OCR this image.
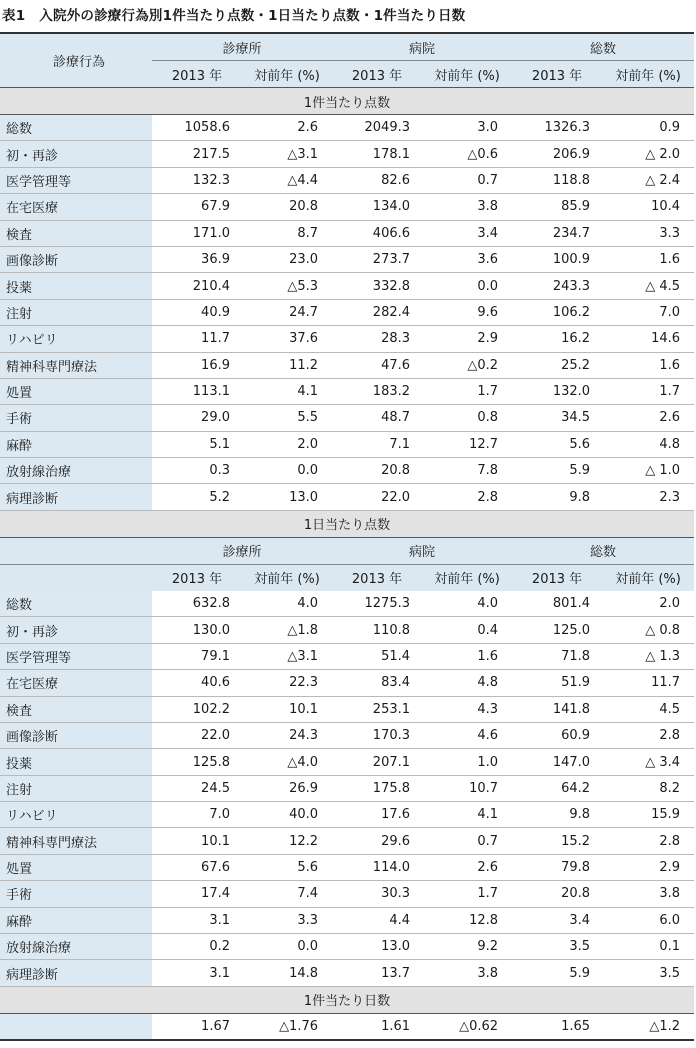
表1 入院外の診療行為別1件当たり点数・1日当たり点数・1件当たり日数
診療行為	診療所		病院		総数	
	2013 年	対前年 (%)	2013 年	対前年 (%)	2013 年	対前年 (%)
1件当たり点数						
総数	1058.6	2.6	2049.3	3.0	1326.3	0.9
初・再診	217.5	△3.1	178.1	△0.6	206.9	△ 2.0
医学管理等	132.3	△4.4	82.6	0.7	118.8	△ 2.4
在宅医療	67.9	20.8	134.0	3.8	85.9	10.4
検査	171.0	8.7	406.6	3.4	234.7	3.3
画像診断	36.9	23.0	273.7	3.6	100.9	1.6
投薬	210.4	△5.3	332.8	0.0	243.3	△ 4.5
注射	40.9	24.7	282.4	9.6	106.2	7.0
リハビリ	11.7	37.6	28.3	2.9	16.2	14.6
精神科専門療法	16.9	11.2	47.6	△0.2	25.2	1.6
処置	113.1	4.1	183.2	1.7	132.0	1.7
手術	29.0	5.5	48.7	0.8	34.5	2.6
麻酔	5.1	2.0	7.1	12.7	5.6	4.8
放射線治療	0.3	0.0	20.8	7.8	5.9	△ 1.0
病理診断	5.2	13.0	22.0	2.8	9.8	2.3
1日当たり点数						
	診療所		病院		総数	
	2013 年	対前年 (%)	2013 年	対前年 (%)	2013 年	対前年 (%)
総数	632.8	4.0	1275.3	4.0	801.4	2.0
初・再診	130.0	△1.8	110.8	0.4	125.0	△ 0.8
医学管理等	79.1	△3.1	51.4	1.6	71.8	△ 1.3
在宅医療	40.6	22.3	83.4	4.8	51.9	11.7
検査	102.2	10.1	253.1	4.3	141.8	4.5
画像診断	22.0	24.3	170.3	4.6	60.9	2.8
投薬	125.8	△4.0	207.1	1.0	147.0	△ 3.4
注射	24.5	26.9	175.8	10.7	64.2	8.2
リハビリ	7.0	40.0	17.6	4.1	9.8	15.9
精神科専門療法	10.1	12.2	29.6	0.7	15.2	2.8
処置	67.6	5.6	114.0	2.6	79.8	2.9
手術	17.4	7.4	30.3	1.7	20.8	3.8
麻酔	3.1	3.3	4.4	12.8	3.4	6.0
放射線治療	0.2	0.0	13.0	9.2	3.5	0.1
病理診断	3.1	14.8	13.7	3.8	5.9	3.5
1件当たり日数						
	1.67	△1.76	1.61	△0.62	1.65	△1.2
